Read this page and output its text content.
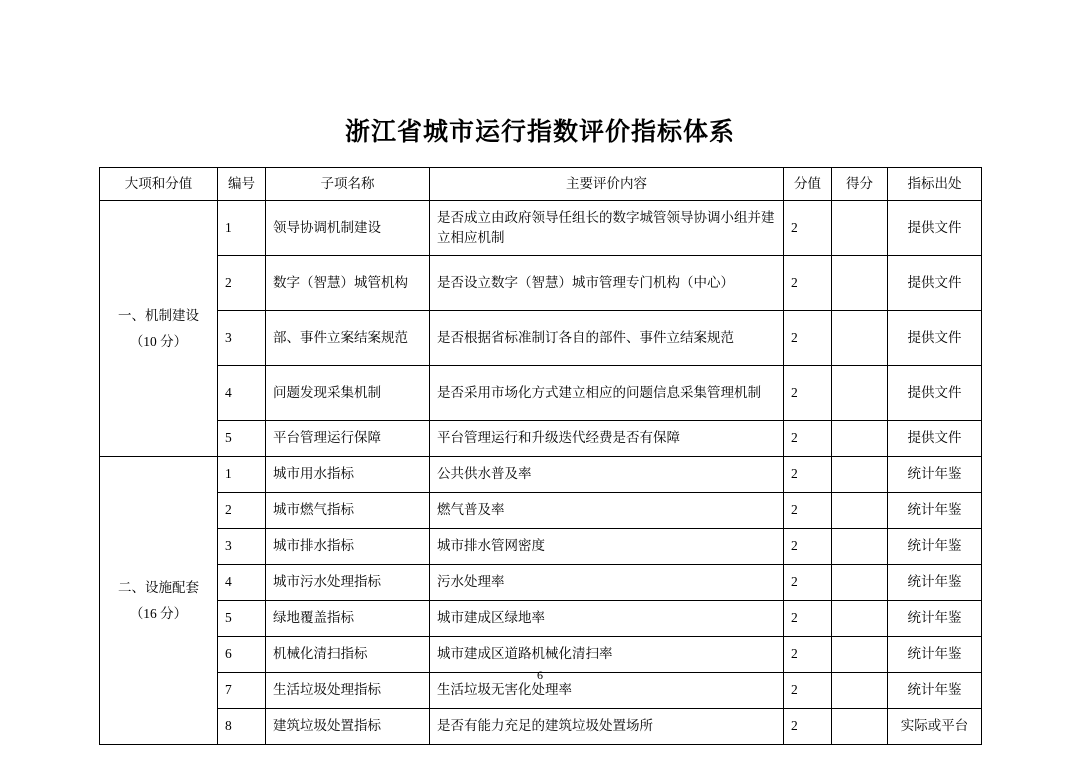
浙江省城市运行指数评价指标体系
大项和分值	编号	子项名称	主要评价内容	分值	得分	指标出处

一、机制建设
（10 分）	1	领导协调机制建设	是否成立由政府领导任组长的数字城管领导协调小组并建立相应机制	2		提供文件
	2	数字（智慧）城管机构	是否设立数字（智慧）城市管理专门机构（中心）	2		提供文件
	3	部、事件立案结案规范	是否根据省标准制订各自的部件、事件立结案规范	2		提供文件
	4	问题发现采集机制	是否采用市场化方式建立相应的问题信息采集管理机制	2		提供文件
	5	平台管理运行保障	平台管理运行和升级迭代经费是否有保障	2		提供文件

二、设施配套
（16 分）	1	城市用水指标	公共供水普及率	2		统计年鉴
	2	城市燃气指标	燃气普及率	2		统计年鉴
	3	城市排水指标	城市排水管网密度	2		统计年鉴
	4	城市污水处理指标	污水处理率	2		统计年鉴
	5	绿地覆盖指标	城市建成区绿地率	2		统计年鉴
	6	机械化清扫指标	城市建成区道路机械化清扫率	2		统计年鉴
	7	生活垃圾处理指标	生活垃圾无害化处理率	2		统计年鉴
	8	建筑垃圾处置指标	是否有能力充足的建筑垃圾处置场所	2		实际或平台
6
